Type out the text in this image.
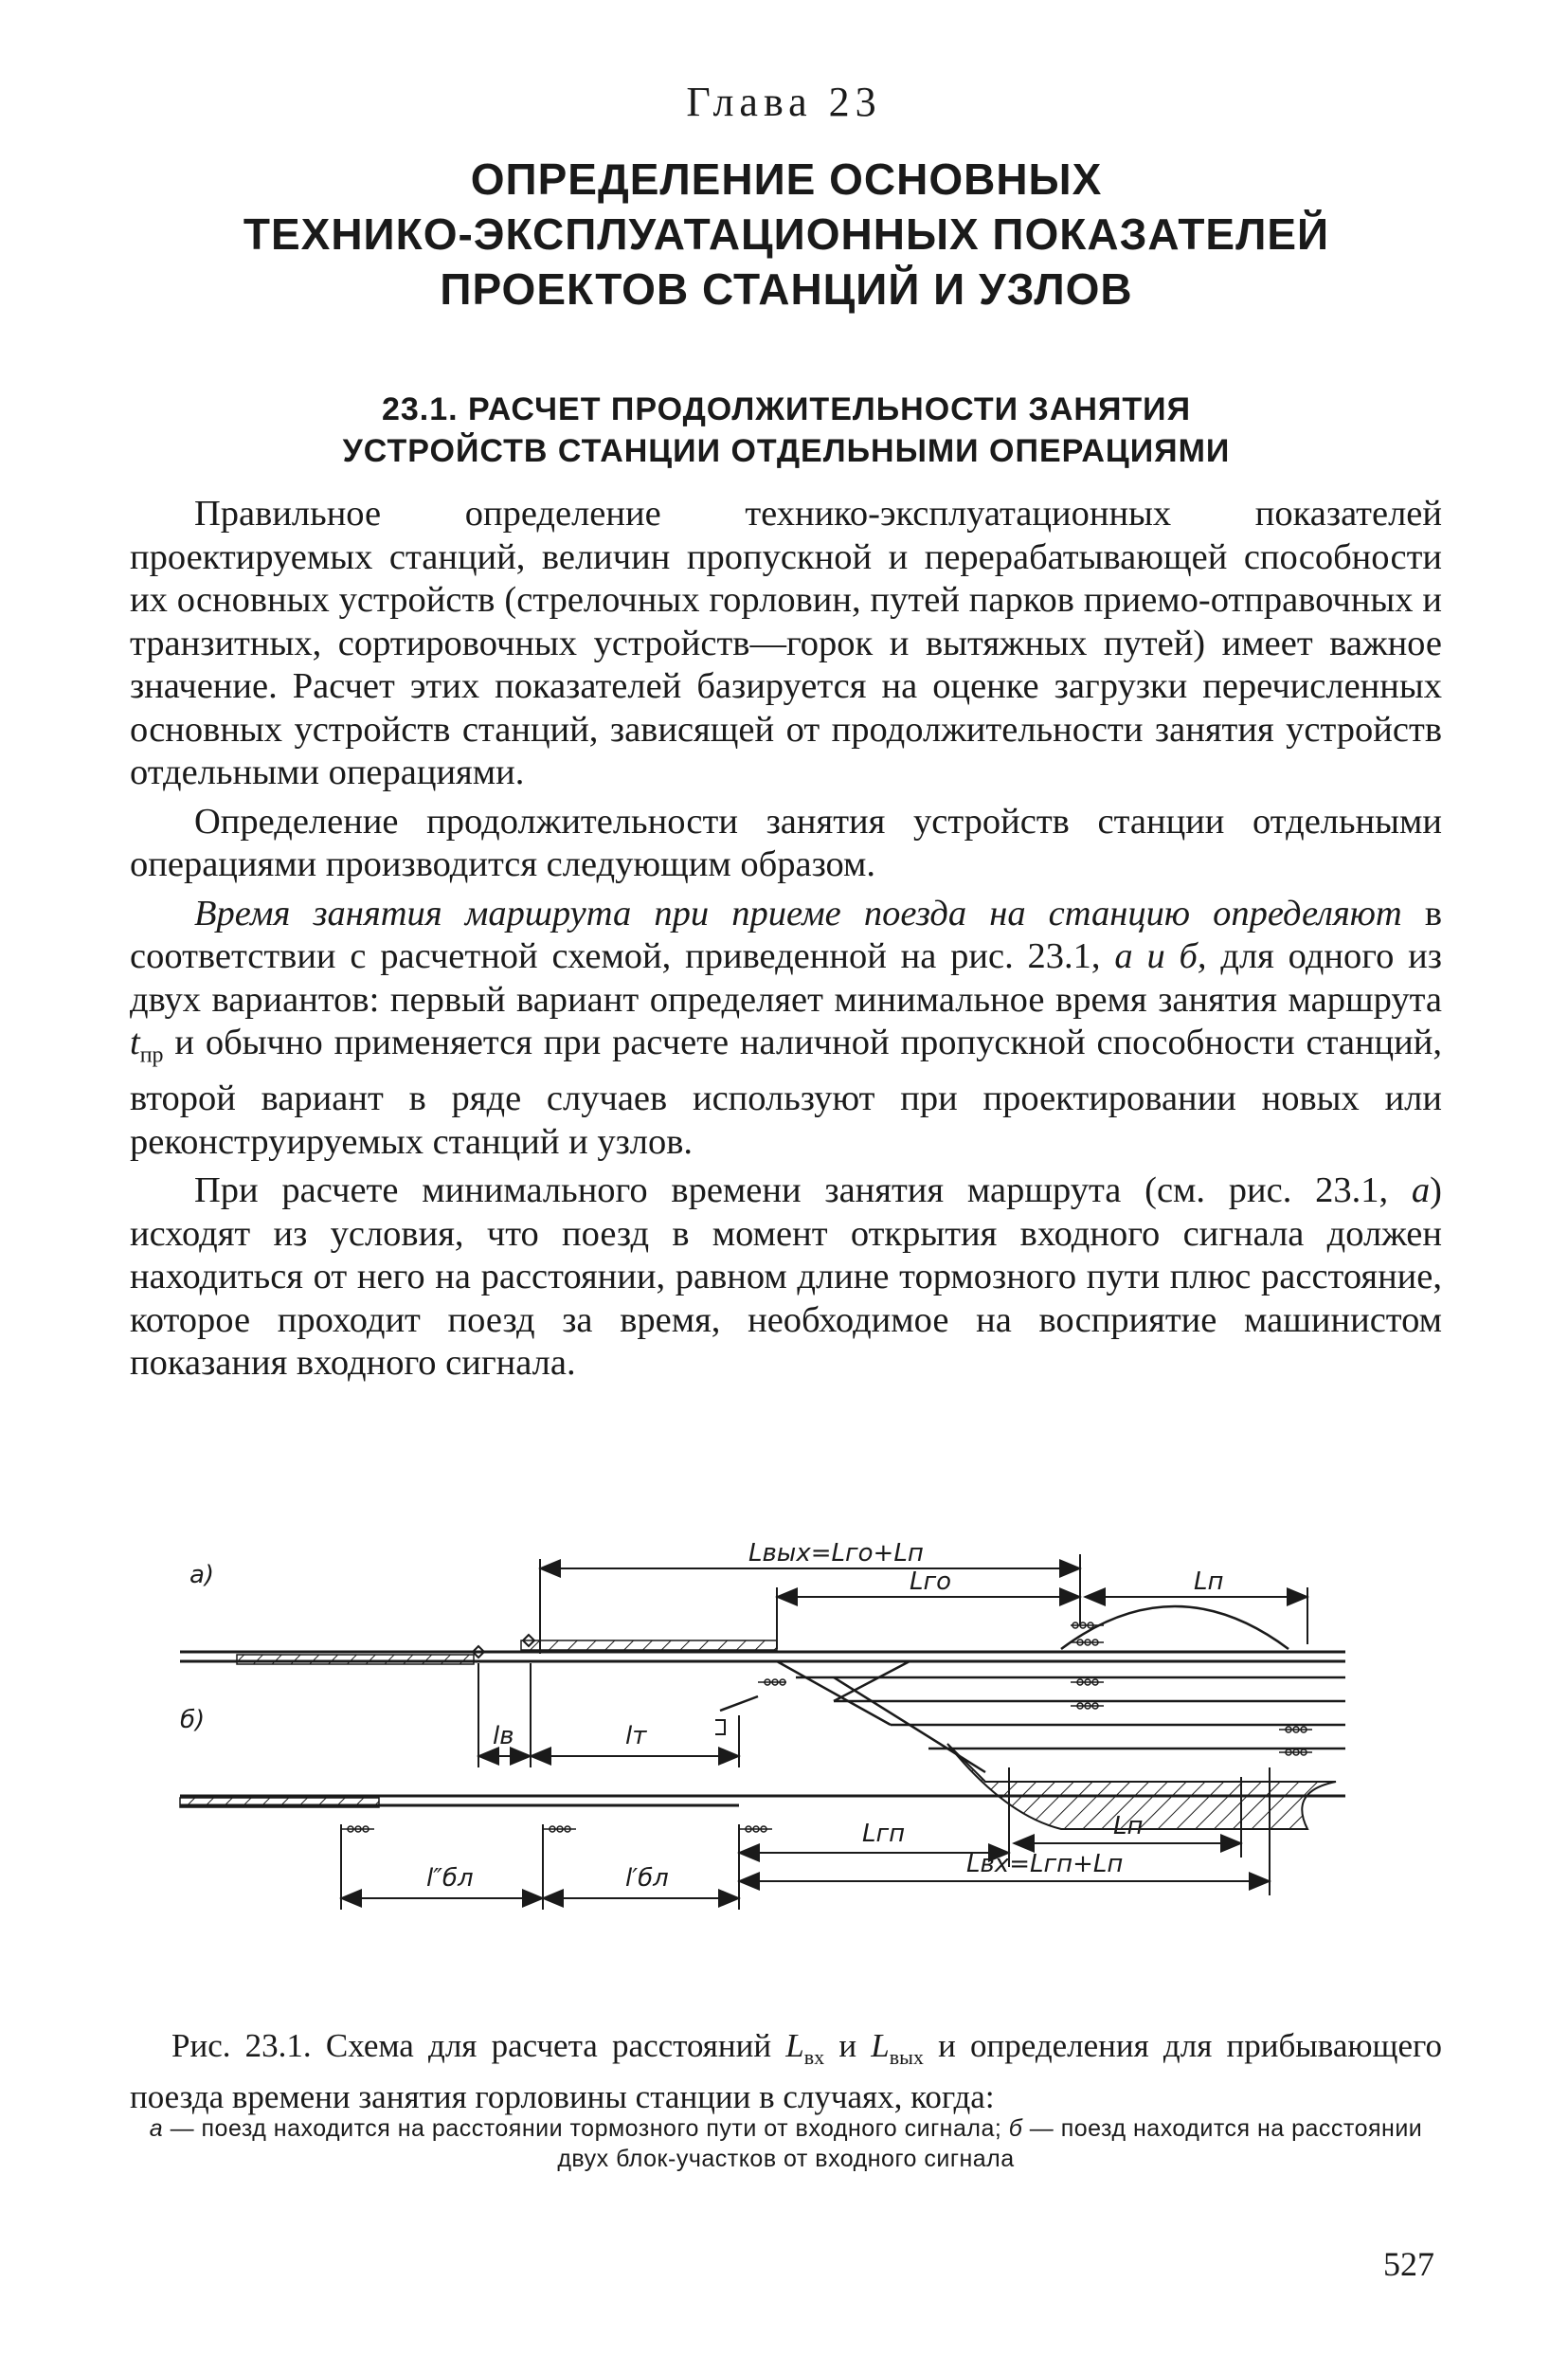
Глава 23
ОПРЕДЕЛЕНИЕ ОСНОВНЫХ
ТЕХНИКО-ЭКСПЛУАТАЦИОННЫХ ПОКАЗАТЕЛЕЙ
ПРОЕКТОВ СТАНЦИЙ И УЗЛОВ
23.1. РАСЧЕТ ПРОДОЛЖИТЕЛЬНОСТИ ЗАНЯТИЯ
УСТРОЙСТВ СТАНЦИИ ОТДЕЛЬНЫМИ ОПЕРАЦИЯМИ

Правильное определение технико-эксплуатационных показателей проектируемых станций, величин пропускной и перерабатывающей способности их основных устройств (стрелочных горловин, путей парков приемо-отправочных и транзитных, сортировочных устройств—горок и вытяжных путей) имеет важное значение. Расчет этих показателей базируется на оценке загрузки перечисленных основных устройств станций, зависящей от продолжительности занятия устройств отдельными операциями.

Определение продолжительности занятия устройств станции отдельными операциями производится следующим образом.

Время занятия маршрута при приеме поезда на станцию определяют в соответствии с расчетной схемой, приведенной на рис. 23.1, а и б, для одного из двух вариантов: первый вариант определяет минимальное время занятия маршрута $t_{пр}$ и обычно применяется при расчете наличной пропускной способности станций, второй вариант в ряде случаев используют при проектировании новых или реконструируемых станций и узлов.

При расчете минимального времени занятия маршрута (см. рис. 23.1, а) исходят из условия, что поезд в момент открытия входного сигнала должен находиться от него на расстоянии, равном длине тормозного пути плюс расстояние, которое проходит поезд за время, необходимое на восприятие машинистом показания входного сигнала.

а)
б)
Lвых=Lго+Lп
Lго	Lп
lв	lт
l″бл	l′бл
Lгп	Lп
Lвх=Lгп+Lп

Рис. 23.1. Схема для расчета расстояний $L_{вх}$ и $L_{вых}$ и определения для прибывающего поезда времени занятия горловины станции в случаях, когда:

а — поезд находится на расстоянии тормозного пути от входного сигнала; б — поезд находится на расстоянии двух блок-участков от входного сигнала
527
